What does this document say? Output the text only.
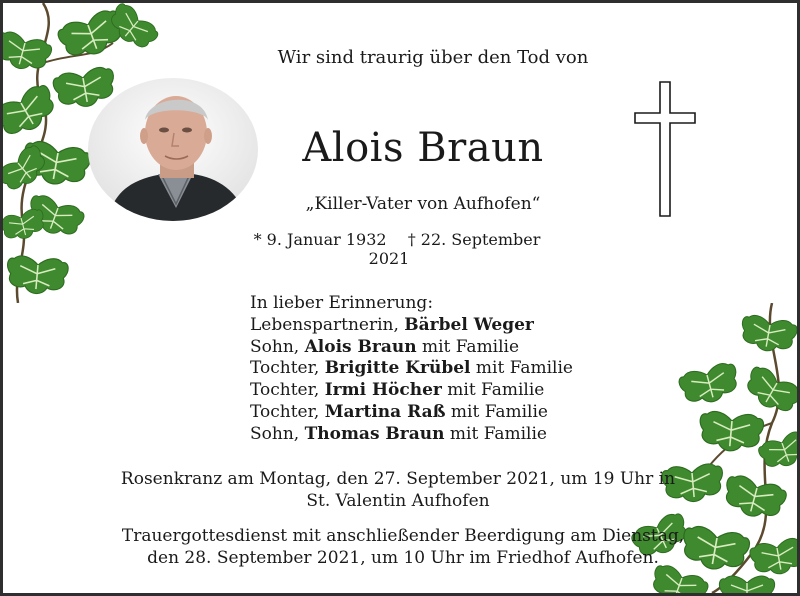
Wir sind traurig über den Tod von
Alois Braun
„Killer-Vater von Aufhofen“
* 9. Januar 1932 † 22. September 2021
In lieber Erinnerung:
Lebenspartnerin, Bärbel Weger
Sohn, Alois Braun mit Familie
Tochter, Brigitte Krübel mit Familie
Tochter, Irmi Höcher mit Familie
Tochter, Martina Raß mit Familie
Sohn, Thomas Braun mit Familie
Rosenkranz am Montag, den 27. September 2021, um 19 Uhr in
St. Valentin Aufhofen
Trauergottesdienst mit anschließender Beerdigung am Dienstag,
den 28. September 2021, um 10 Uhr im Friedhof Aufhofen.
